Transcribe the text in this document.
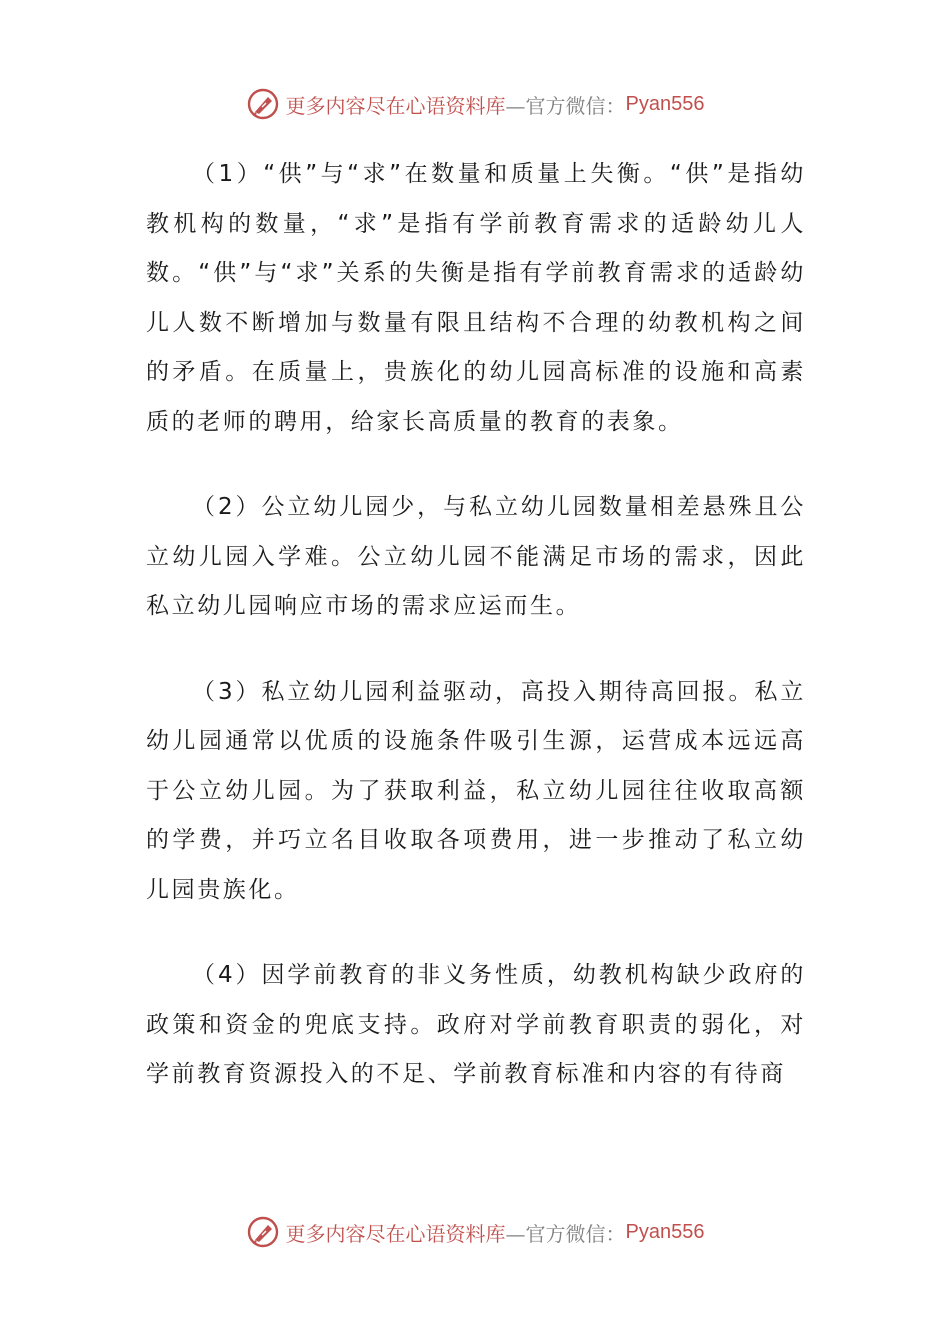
更多内容尽在心语资料库 —官方微信： Pyan556

（1）“供”与“求”在数量和质量上失衡。“供”是指幼教机构的数量，“求”是指有学前教育需求的适龄幼儿人数。“供”与“求”关系的失衡是指有学前教育需求的适龄幼儿人数不断增加与数量有限且结构不合理的幼教机构之间的矛盾。在质量上，贵族化的幼儿园高标准的设施和高素质的老师的聘用，给家长高质量的教育的表象。

（2）公立幼儿园少，与私立幼儿园数量相差悬殊且公立幼儿园入学难。公立幼儿园不能满足市场的需求，因此私立幼儿园响应市场的需求应运而生。

（3）私立幼儿园利益驱动，高投入期待高回报。私立幼儿园通常以优质的设施条件吸引生源，运营成本远远高于公立幼儿园。为了获取利益，私立幼儿园往往收取高额的学费，并巧立名目收取各项费用，进一步推动了私立幼儿园贵族化。

（4）因学前教育的非义务性质，幼教机构缺少政府的政策和资金的兜底支持。政府对学前教育职责的弱化，对学前教育资源投入的不足、学前教育标准和内容的有待商

更多内容尽在心语资料库 —官方微信： Pyan556
